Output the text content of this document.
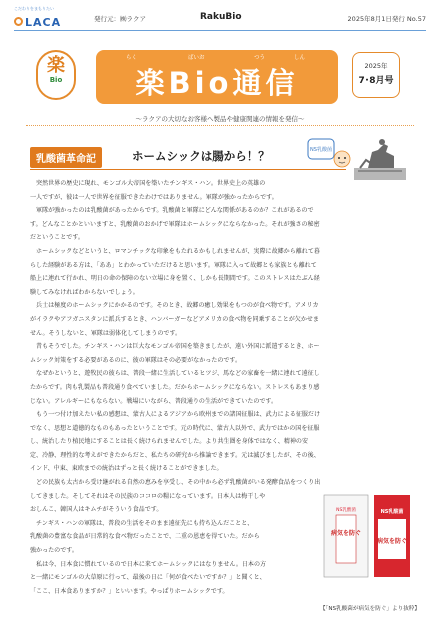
こだわりをまもりたい
LACA	発行元：㈱ラクア	RakuBio	2025年8月1日発行 No.57
楽
Bio
らく	ばいお	つう	しん
楽Bio通信	2025年
7･8月号
～ラクアの大切なお客様へ製品や健康関連の情報を発信～
乳酸菌革命記	ホームシックは腸から！？	NS乳酸菌

突然世界の歴史に現れ、モンゴル大帝国を築いたチンギス・ハン。世界史上の英雄の

一人ですが、彼は一人で世界を征服できたわけではありません。軍隊が強かったからです。

軍隊が強かったのは乳酸菌があったからです。乳酸菌と軍隊にどんな関係があるのか？これがあるので

す。どんなことかといいますと、乳酸菌のおかげで軍隊はホームシックにならなかった。それが強さの秘密

だということです。

ホームシックなどというと、ロマンチックな印象をもたれるかもしれませんが、実際に故郷から離れて暮

らした経験がある方は、「ああ」とわかっていただけると思います。軍隊に入って故郷とも家族とも離れて

船上に連れて行かれ、明日の命の保障のない立場に身を置く、しかも長期間です。このストレスはたぶん経

験してみなければわからないでしょう。

兵士は極度のホームシックにかかるのです。そのとき、故郷の癒し効果をもつのが食べ物です。アメリカ

がイラクやアフガニスタンに派兵するとき、ハンバーガーなどアメリカの食べ物を同乗することが欠かせま

せん。そうしないと、軍隊は弱体化してしまうのです。

昔もそうでした。チンギス・ハンは巨大なモンゴル帝国を築きましたが、遠い外国に派遣するとき、ホー

ムシック対策をする必要があるのに、彼の軍隊はその必要がなかったのです。

なぜかというと、遊牧民の彼らは、普段一緒に生活しているヒツジ、馬などの家畜を一緒に連れて遠征し

たからです。肉も乳製品も普段通り食べていました。だからホームシックにならない。ストレスもあまり感

じない。アレルギーにもならない。戦場にいながら、普段通りの生活ができていたのです。

もう一つ付け加えたい私の感想は、蒙古人によるアジアから欧州までの諸国征服は、武力による征服だけ

でなく、思想と道徳的なものもあったということです。元の時代に、蒙古人以外で、武力ではかの国を征服

し、統治したり植民地にすることは長く続けられませんでした。より共生圏を身体ではなく、精神の安

定、冷静、理性的な考えができたからだと、私たちの研究から推論できます。元は滅びましたが、その後、

インド、中東、東欧までの統治はずっと長く続けることができました。

どの民族も太古から受け継がれる自然の恵みを享受し、その中から必ず乳酸菌がいる発酵食品をつくり出

してきました。そしてそれはその民族のココロの糧になっています。日本人は梅干しや

おしんこ、韓国人はキムチがそういう食品です。

チンギス・ハンの軍隊は、普段の生活をそのまま遠征先にも持ち込んだことと、

乳酸菌の豊富な食品が日常的な食べ物だったことで、二重の恩恵を得ていた。だから

強かったのです。

私は今、日本食に慣れているので日本に来てホームシックにはなりません。日本の方

と一緒にモンゴルの大草原に行って、最後の日に「何が食べたいですか？」と聞くと、

「ここ、日本食ありますか？」といいます。やっぱりホームシックです。

NS乳酸菌
病気を防ぐ
NS乳酸菌
病気を防ぐ
【「NS乳酸菌が病気を防ぐ」より抜粋】
